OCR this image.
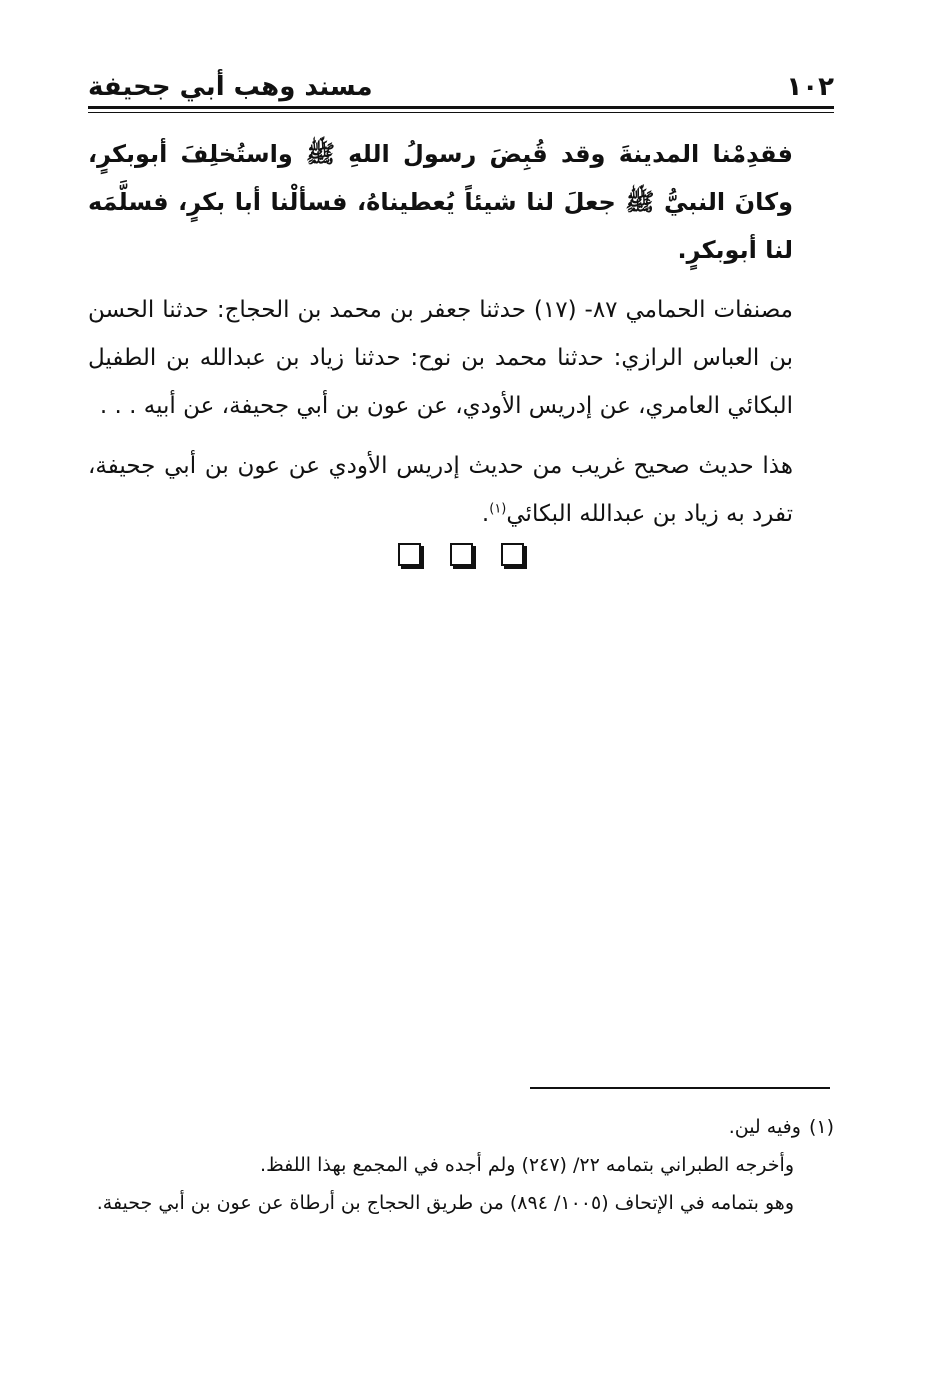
١٠٢
مسند وهب أبي جحيفة

فقدِمْنا المدينةَ وقد قُبِضَ رسولُ اللهِ ﷺ واستُخلِفَ أبوبكرٍ، وكانَ النبيُّ ﷺ جعلَ لنا شيئاً يُعطيناهُ، فسألْنا أبا بكرٍ، فسلَّمَه لنا أبوبكرٍ.

مصنفات الحمامي ٨٧- (١٧) حدثنا جعفر بن محمد بن الحجاج: حدثنا الحسن بن العباس الرازي: حدثنا محمد بن نوح: حدثنا زياد بن عبدالله بن الطفيل البكائي العامري، عن إدريس الأودي، عن عون بن أبي جحيفة، عن أبيه . . .

هذا حديث صحيح غريب من حديث إدريس الأودي عن عون بن أبي جحيفة، تفرد به زياد بن عبدالله البكائي$^{(١)}$.

(١)وفيه لين.

وأخرجه الطبراني بتمامه ٢٢/ (٢٤٧) ولم أجده في المجمع بهذا اللفظ.

وهو بتمامه في الإتحاف (١٠٠٥/ ٨٩٤) من طريق الحجاج بن أرطاة عن عون بن أبي جحيفة.
